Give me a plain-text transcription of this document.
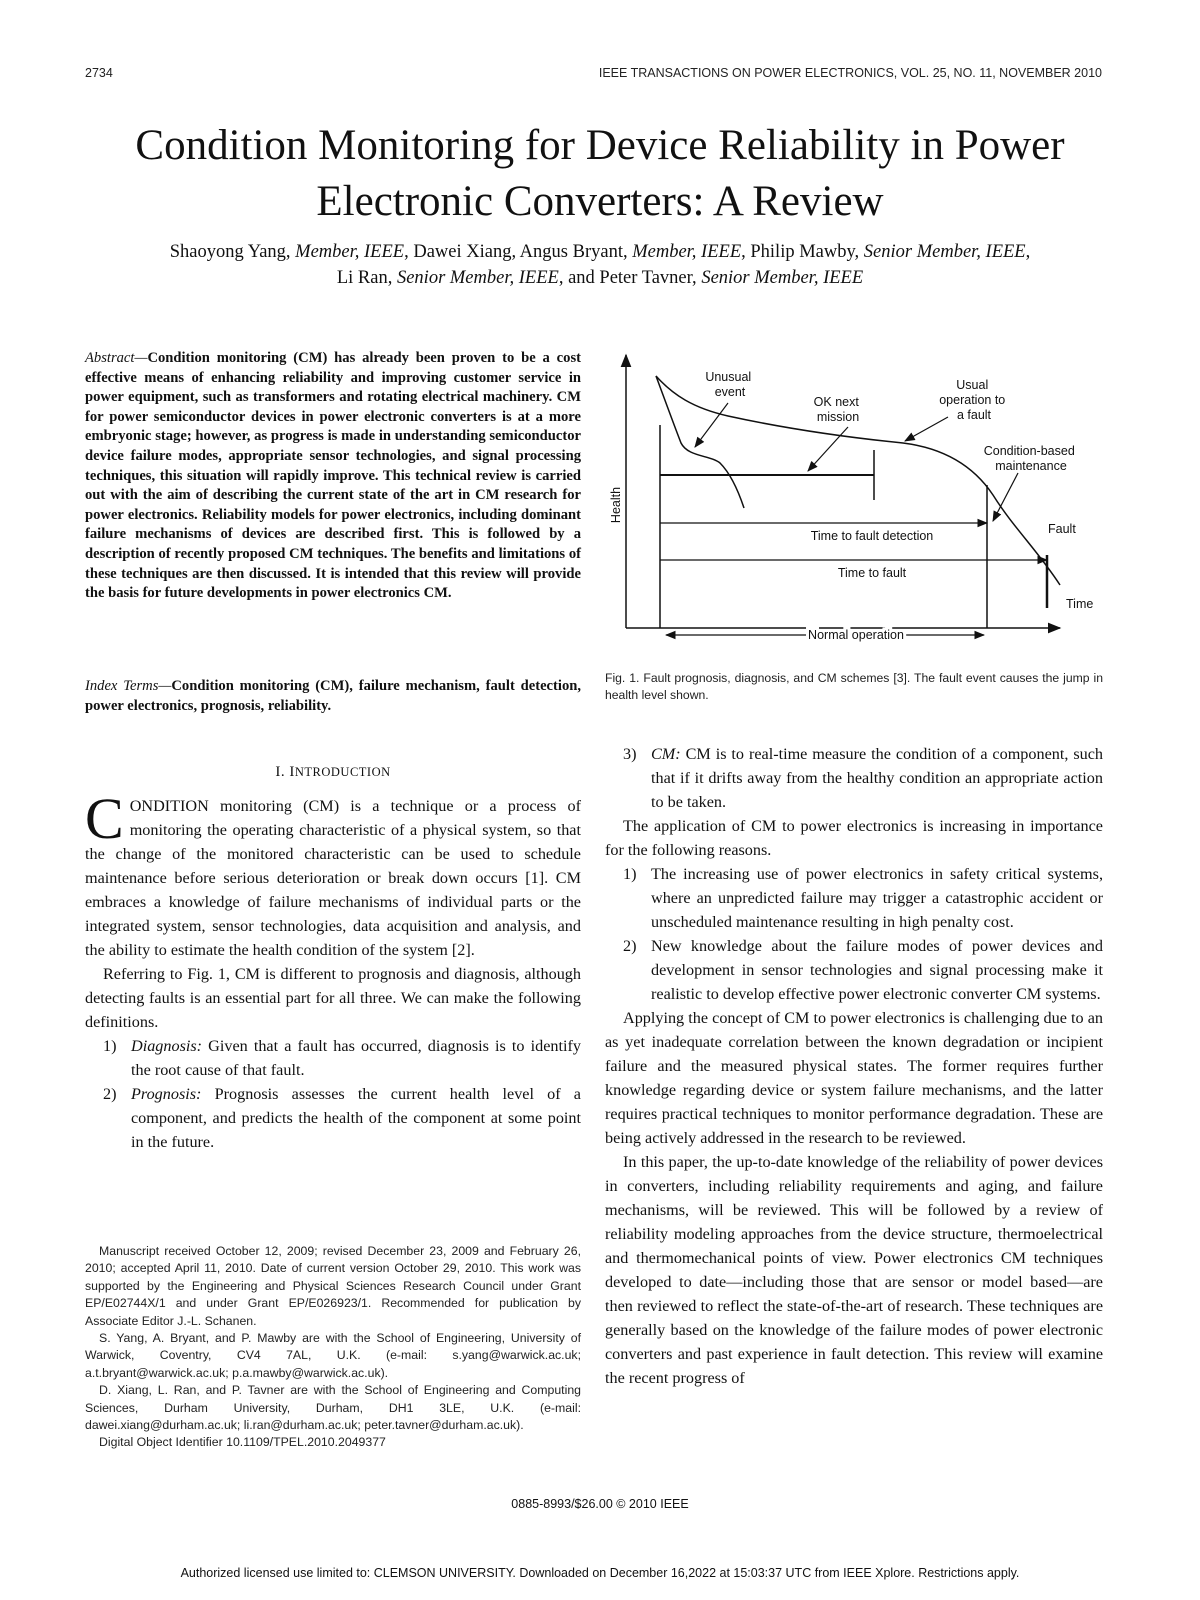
2734	IEEE TRANSACTIONS ON POWER ELECTRONICS, VOL. 25, NO. 11, NOVEMBER 2010
Condition Monitoring for Device Reliability in Power
Electronic Converters: A Review
Shaoyong Yang, Member, IEEE, Dawei Xiang, Angus Bryant, Member, IEEE, Philip Mawby, Senior Member, IEEE,
Li Ran, Senior Member, IEEE, and Peter Tavner, Senior Member, IEEE
Abstract—Condition monitoring (CM) has already been proven to be a cost effective means of enhancing reliability and improving customer service in power equipment, such as transformers and rotating electrical machinery. CM for power semiconductor devices in power electronic converters is at a more embryonic stage; however, as progress is made in understanding semiconductor device failure modes, appropriate sensor technologies, and signal processing techniques, this situation will rapidly improve. This technical review is carried out with the aim of describing the current state of the art in CM research for power electronics. Reliability models for power electronics, including dominant failure mechanisms of devices are described first. This is followed by a description of recently proposed CM techniques. The benefits and limitations of these techniques are then discussed. It is intended that this review will provide the basis for future developments in power electronics CM.
Index Terms—Condition monitoring (CM), failure mechanism, fault detection, power electronics, prognosis, reliability.
I. INTRODUCTION

CONDITION monitoring (CM) is a technique or a process of monitoring the operating characteristic of a physical system, so that the change of the monitored characteristic can be used to schedule maintenance before serious deterioration or break down occurs [1]. CM embraces a knowledge of failure mechanisms of individual parts or the integrated system, sensor technologies, data acquisition and analysis, and the ability to estimate the health condition of the system [2].

Referring to Fig. 1, CM is different to prognosis and diagnosis, although detecting faults is an essential part for all three. We can make the following definitions.

1) Diagnosis: Given that a fault has occurred, diagnosis is to identify the root cause of that fault.

2) Prognosis: Prognosis assesses the current health level of a component, and predicts the health of the component at some point in the future.

Manuscript received October 12, 2009; revised December 23, 2009 and February 26, 2010; accepted April 11, 2010. Date of current version October 29, 2010. This work was supported by the Engineering and Physical Sciences Research Council under Grant EP/E02744X/1 and under Grant EP/E026923/1. Recommended for publication by Associate Editor J.-L. Schanen.

S. Yang, A. Bryant, and P. Mawby are with the School of Engineering, University of Warwick, Coventry, CV4 7AL, U.K. (e-mail: s.yang@warwick.ac.uk; a.t.bryant@warwick.ac.uk; p.a.mawby@warwick.ac.uk).

D. Xiang, L. Ran, and P. Tavner are with the School of Engineering and Computing Sciences, Durham University, Durham, DH1 3LE, U.K. (e-mail: dawei.xiang@durham.ac.uk; li.ran@durham.ac.uk; peter.tavner@durham.ac.uk).

Digital Object Identifier 10.1109/TPEL.2010.2049377

Health
Time
Unusual event
OK next mission
Usual operation to a fault
Condition-based maintenance
Fault
Time to fault detection
Time to fault
Normal operation
Fig. 1. Fault prognosis, diagnosis, and CM schemes [3]. The fault event causes the jump in health level shown.

3) CM: CM is to real-time measure the condition of a component, such that if it drifts away from the healthy condition an appropriate action to be taken.

The application of CM to power electronics is increasing in importance for the following reasons.

1) The increasing use of power electronics in safety critical systems, where an unpredicted failure may trigger a catastrophic accident or unscheduled maintenance resulting in high penalty cost.

2) New knowledge about the failure modes of power devices and development in sensor technologies and signal processing make it realistic to develop effective power electronic converter CM systems.

Applying the concept of CM to power electronics is challenging due to an as yet inadequate correlation between the known degradation or incipient failure and the measured physical states. The former requires further knowledge regarding device or system failure mechanisms, and the latter requires practical techniques to monitor performance degradation. These are being actively addressed in the research to be reviewed.

In this paper, the up-to-date knowledge of the reliability of power devices in converters, including reliability requirements and aging, and failure mechanisms, will be reviewed. This will be followed by a review of reliability modeling approaches from the device structure, thermoelectrical and thermomechanical points of view. Power electronics CM techniques developed to date—including those that are sensor or model based—are then reviewed to reflect the state-of-the-art of research. These techniques are generally based on the knowledge of the failure modes of power electronic converters and past experience in fault detection. This review will examine the recent progress of

0885-8993/$26.00 © 2010 IEEE
Authorized licensed use limited to: CLEMSON UNIVERSITY. Downloaded on December 16,2022 at 15:03:37 UTC from IEEE Xplore. Restrictions apply.
